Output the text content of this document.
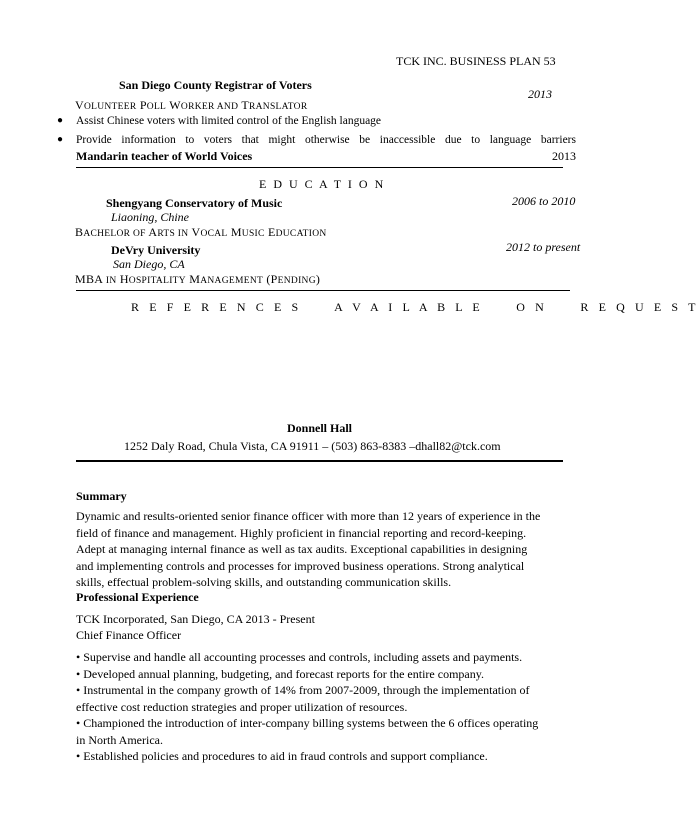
TCK INC. BUSINESS PLAN 53
San Diego County Registrar of Voters
2013
VOLUNTEER POLL WORKER AND TRANSLATOR
● Assist Chinese voters with limited control of the English language
● Provide information to voters that might otherwise be inaccessible due to language barriers
Mandarin teacher of World Voices	2013
E D U C A T I O N
Shengyang Conservatory of Music	2006 to 2010
Liaoning, Chine
BACHELOR OF ARTS IN VOCAL MUSIC EDUCATION
DeVry University	2012 to present
San Diego, CA
MBA IN HOSPITALITY MANAGEMENT (PENDING)
R E F E R E N C E S     A V A I L A B L E     O N     R E Q U E S T
Donnell Hall
1252 Daly Road, Chula Vista, CA 91911 – (503) 863-8383 –dhall82@tck.com
Summary
Dynamic and results-oriented senior finance officer with more than 12 years of experience in the
field of finance and management. Highly proficient in financial reporting and record-keeping.
Adept at managing internal finance as well as tax audits. Exceptional capabilities in designing
and implementing controls and processes for improved business operations. Strong analytical
skills, effectual problem-solving skills, and outstanding communication skills.
Professional Experience
TCK Incorporated, San Diego, CA 2013 - Present
Chief Finance Officer
• Supervise and handle all accounting processes and controls, including assets and payments.
• Developed annual planning, budgeting, and forecast reports for the entire company.
• Instrumental in the company growth of 14% from 2007-2009, through the implementation of
effective cost reduction strategies and proper utilization of resources.
• Championed the introduction of inter-company billing systems between the 6 offices operating
in North America.
• Established policies and procedures to aid in fraud controls and support compliance.
